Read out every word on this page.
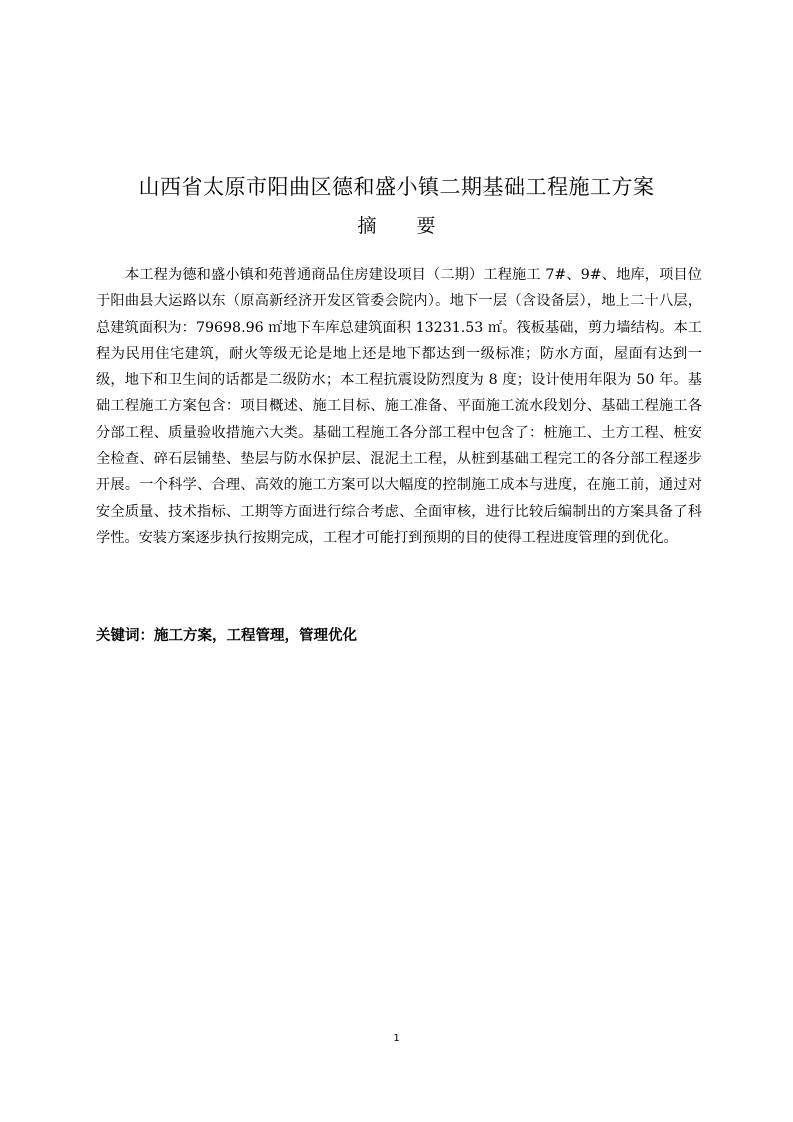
山西省太原市阳曲区德和盛小镇二期基础工程施工方案
摘要

本工程为德和盛小镇和苑普通商品住房建设项目（二期）工程施工 7#、9#、地库，项目位于阳曲县大运路以东（原高新经济开发区管委会院内）。地下一层（含设备层），地上二十八层，总建筑面积为：79698.96 ㎡地下车库总建筑面积 13231.53 ㎡。筏板基础，剪力墙结构。本工程为民用住宅建筑，耐火等级无论是地上还是地下都达到一级标准；防水方面，屋面有达到一级，地下和卫生间的话都是二级防水；本工程抗震设防烈度为 8 度；设计使用年限为 50 年。基础工程施工方案包含：项目概述、施工目标、施工准备、平面施工流水段划分、基础工程施工各分部工程、质量验收措施六大类。基础工程施工各分部工程中包含了：桩施工、土方工程、桩安全检查、碎石层铺垫、垫层与防水保护层、混泥土工程，从桩到基础工程完工的各分部工程逐步开展。一个科学、合理、高效的施工方案可以大幅度的控制施工成本与进度，在施工前，通过对安全质量、技术指标、工期等方面进行综合考虑、全面审核，进行比较后编制出的方案具备了科学性。安装方案逐步执行按期完成，工程才可能打到预期的目的使得工程进度管理的到优化。

关键词：施工方案，工程管理，管理优化

1
